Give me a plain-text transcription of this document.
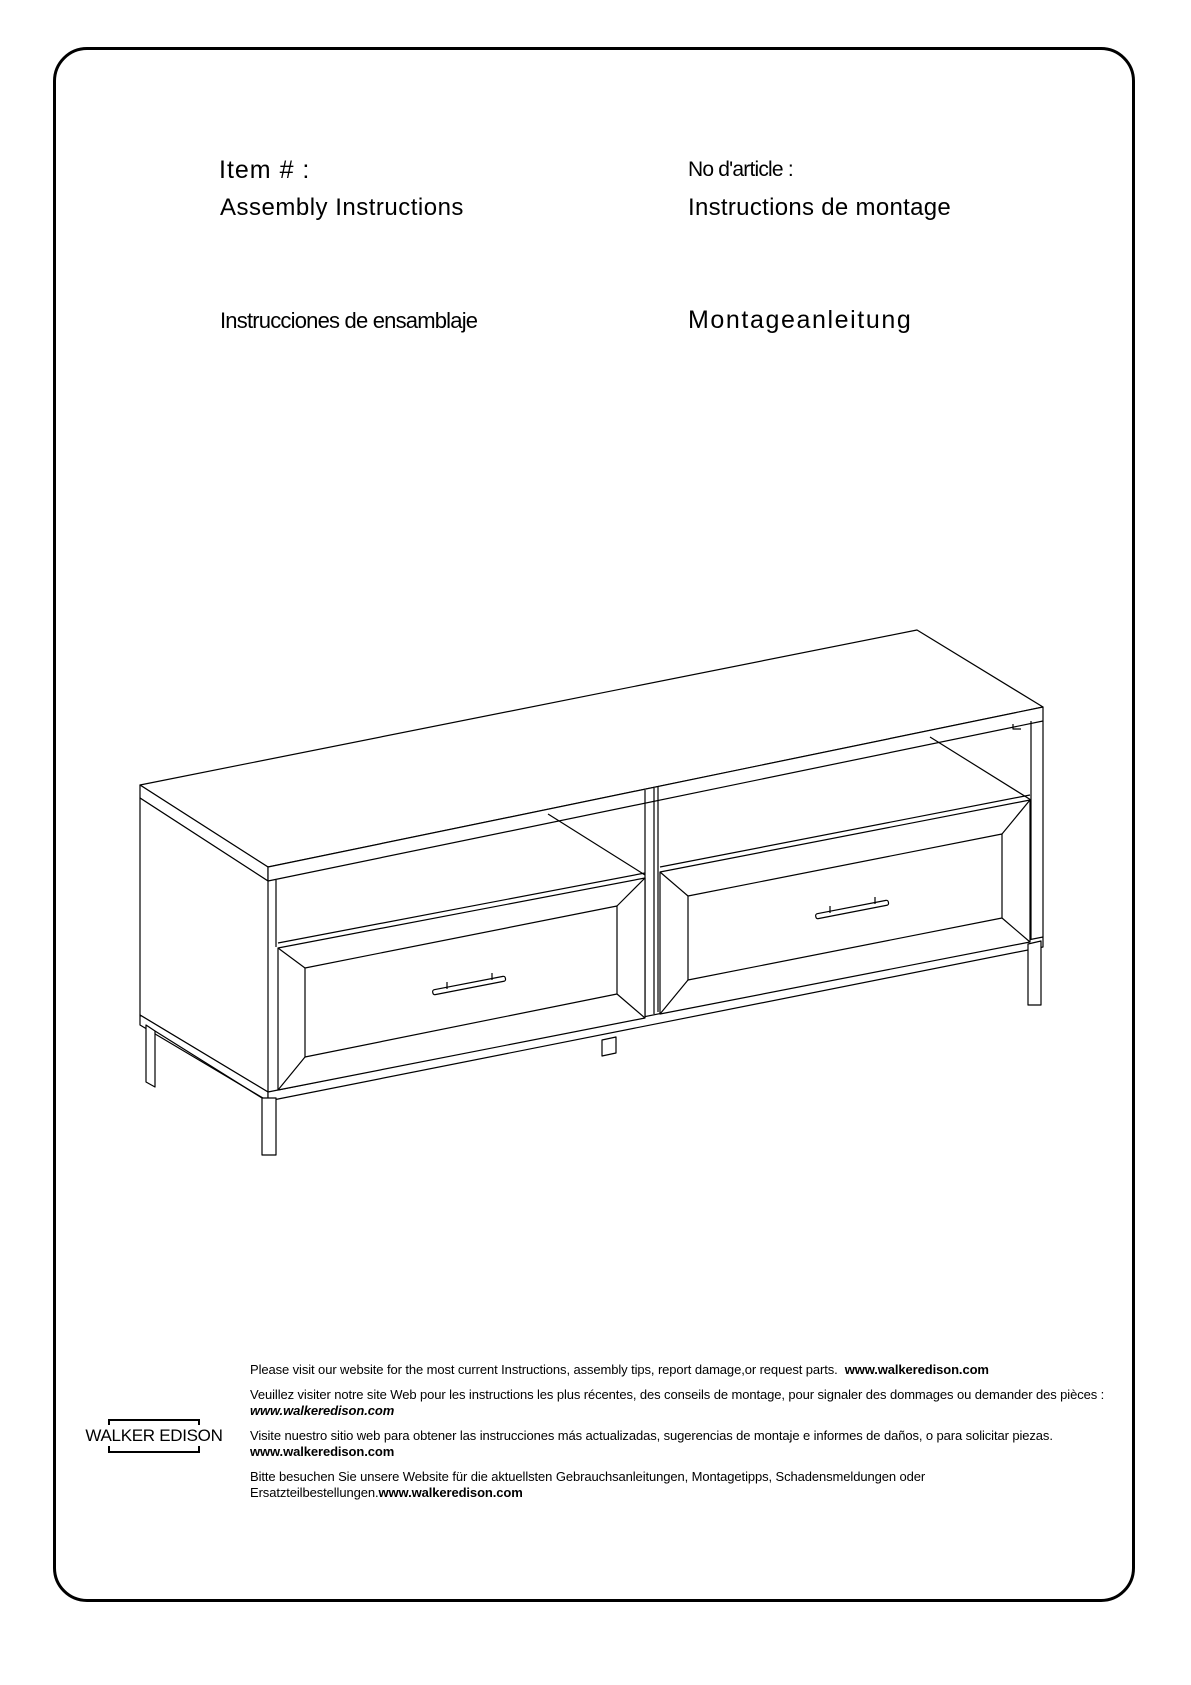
Item # :
Assembly Instructions
No d'article :
Instructions de montage
Instrucciones de ensamblaje	Montageanleitung
WALKER EDISON

Please visit our website for the most current Instructions, assembly tips, report damage,or request parts. www.walkeredison.com

Veuillez visiter notre site Web pour les instructions les plus récentes, des conseils de montage, pour signaler des dommages ou demander des pièces : www.walkeredison.com

Visite nuestro sitio web para obtener las instrucciones más actualizadas, sugerencias de montaje e informes de daños, o para solicitar piezas. www.walkeredison.com

Bitte besuchen Sie unsere Website für die aktuellsten Gebrauchsanleitungen, Montagetipps, Schadensmeldungen oder Ersatzteilbestellungen.www.walkeredison.com
